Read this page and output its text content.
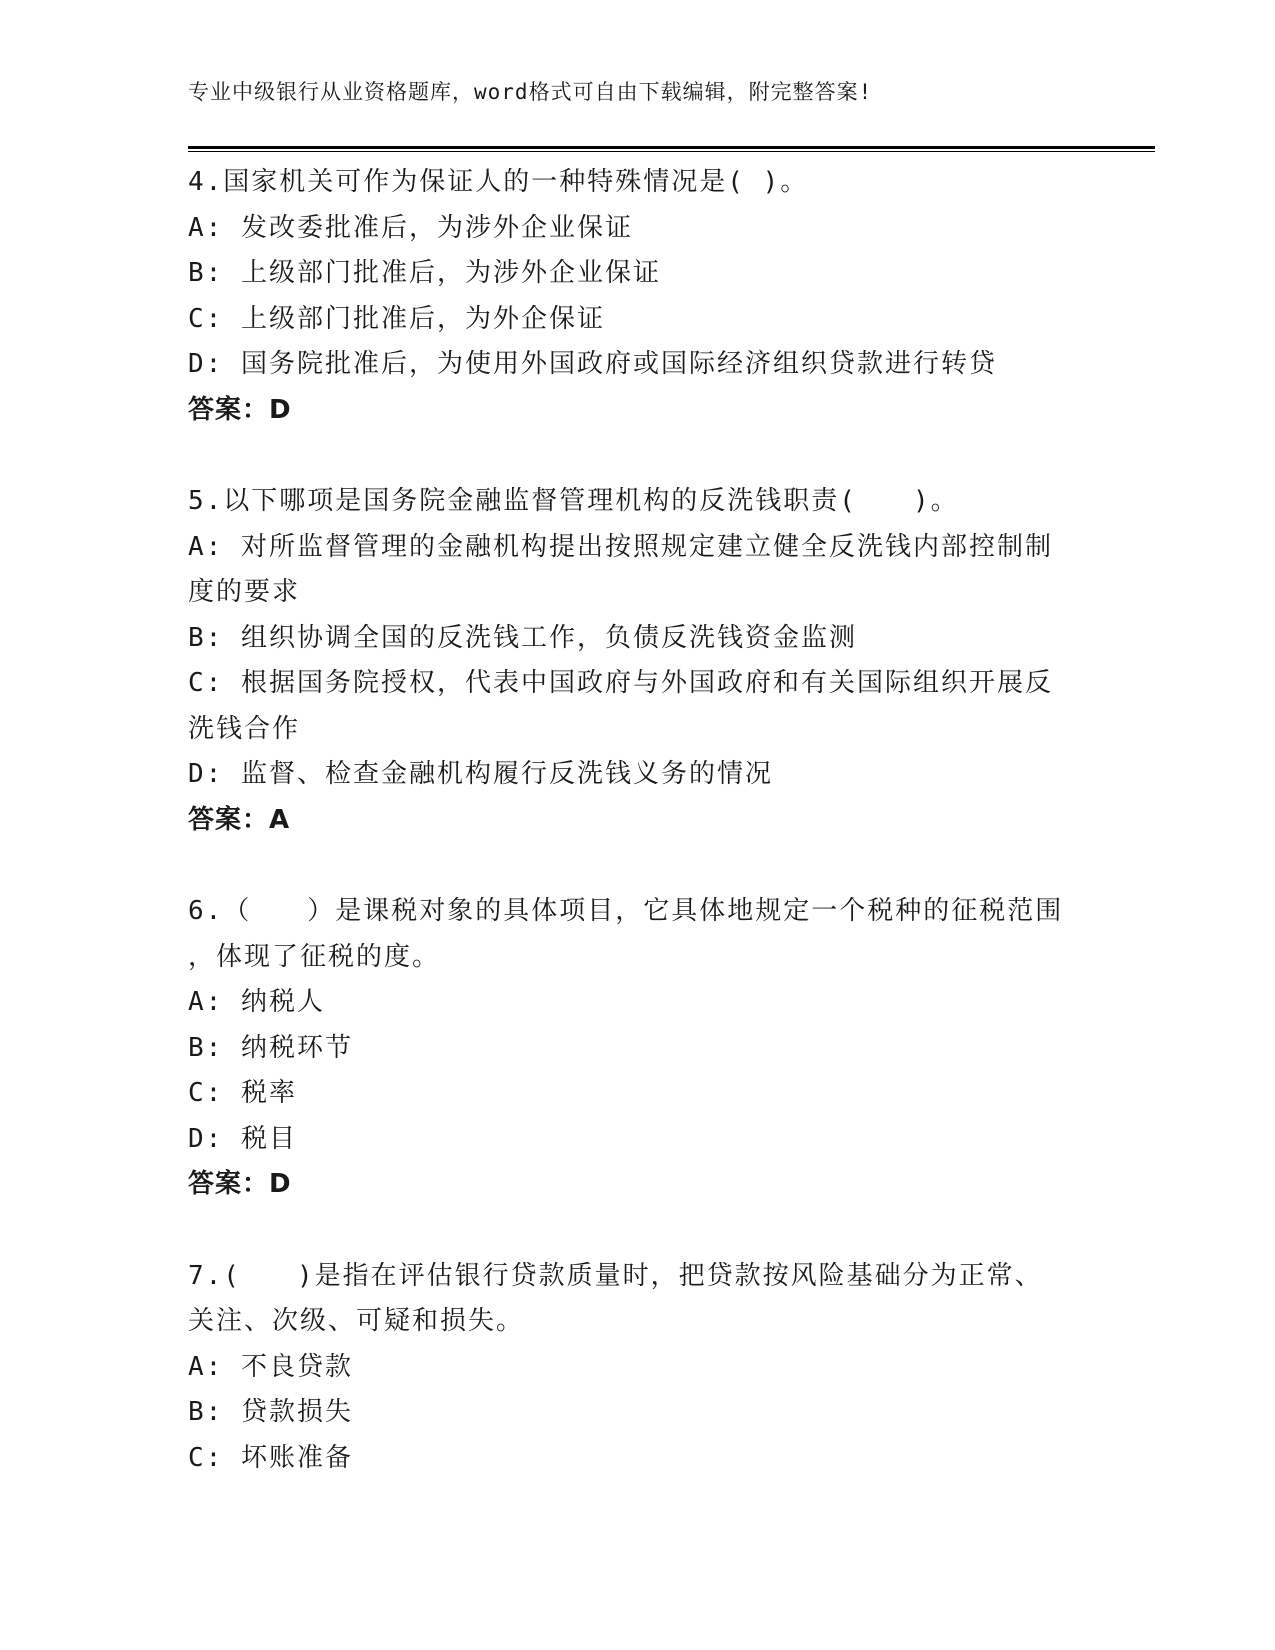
专业中级银行从业资格题库，word格式可自由下载编辑，附完整答案!
4.国家机关可作为保证人的一种特殊情况是( )。
A: 发改委批准后，为涉外企业保证
B: 上级部门批准后，为涉外企业保证
C: 上级部门批准后，为外企保证
D: 国务院批准后，为使用外国政府或国际经济组织贷款进行转贷
答案：D
5.以下哪项是国务院金融监督管理机构的反洗钱职责(　　)。
A: 对所监督管理的金融机构提出按照规定建立健全反洗钱内部控制制
度的要求
B: 组织协调全国的反洗钱工作，负债反洗钱资金监测
C: 根据国务院授权，代表中国政府与外国政府和有关国际组织开展反
洗钱合作
D: 监督、检查金融机构履行反洗钱义务的情况
答案：A
6.（　　）是课税对象的具体项目，它具体地规定一个税种的征税范围
，体现了征税的度。
A: 纳税人
B: 纳税环节
C: 税率
D: 税目
答案：D
7.(　　)是指在评估银行贷款质量时，把贷款按风险基础分为正常、
关注、次级、可疑和损失。
A: 不良贷款
B: 贷款损失
C: 坏账准备
